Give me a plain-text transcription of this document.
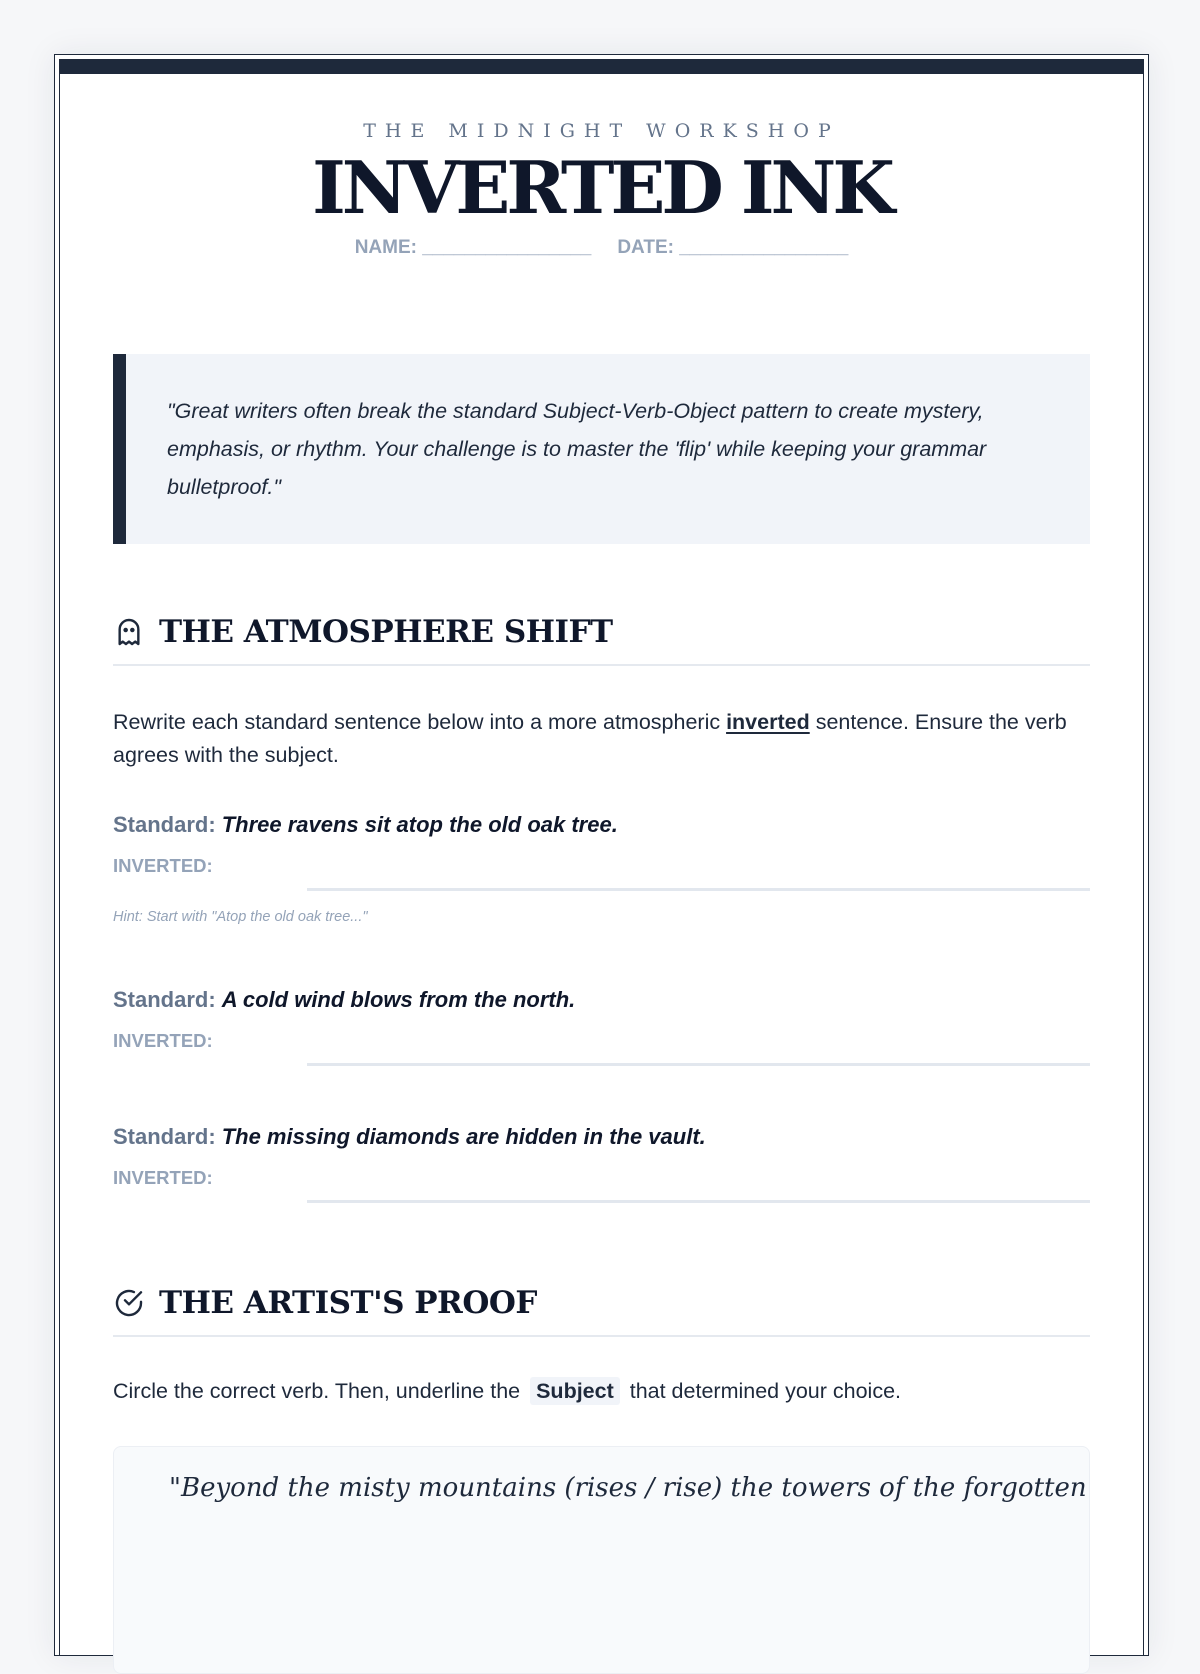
THE MIDNIGHT WORKSHOP
INVERTED INK
NAME: ________________ DATE: ________________
"Great writers often break the standard Subject-Verb-Object pattern to create mystery, emphasis, or rhythm. Your challenge is to master the 'flip' while keeping your grammar bulletproof."
THE ATMOSPHERE SHIFT
Rewrite each standard sentence below into a more atmospheric inverted sentence. Ensure the verb agrees with the subject.
Standard: Three ravens sit atop the old oak tree.
INVERTED:
Hint: Start with "Atop the old oak tree..."
Standard: A cold wind blows from the north.
INVERTED:
Standard: The missing diamonds are hidden in the vault.
INVERTED:
THE ARTIST'S PROOF
Circle the correct verb. Then, underline the Subject that determined your choice.
"Beyond the misty mountains (rises / rise) the towers of the forgotten
